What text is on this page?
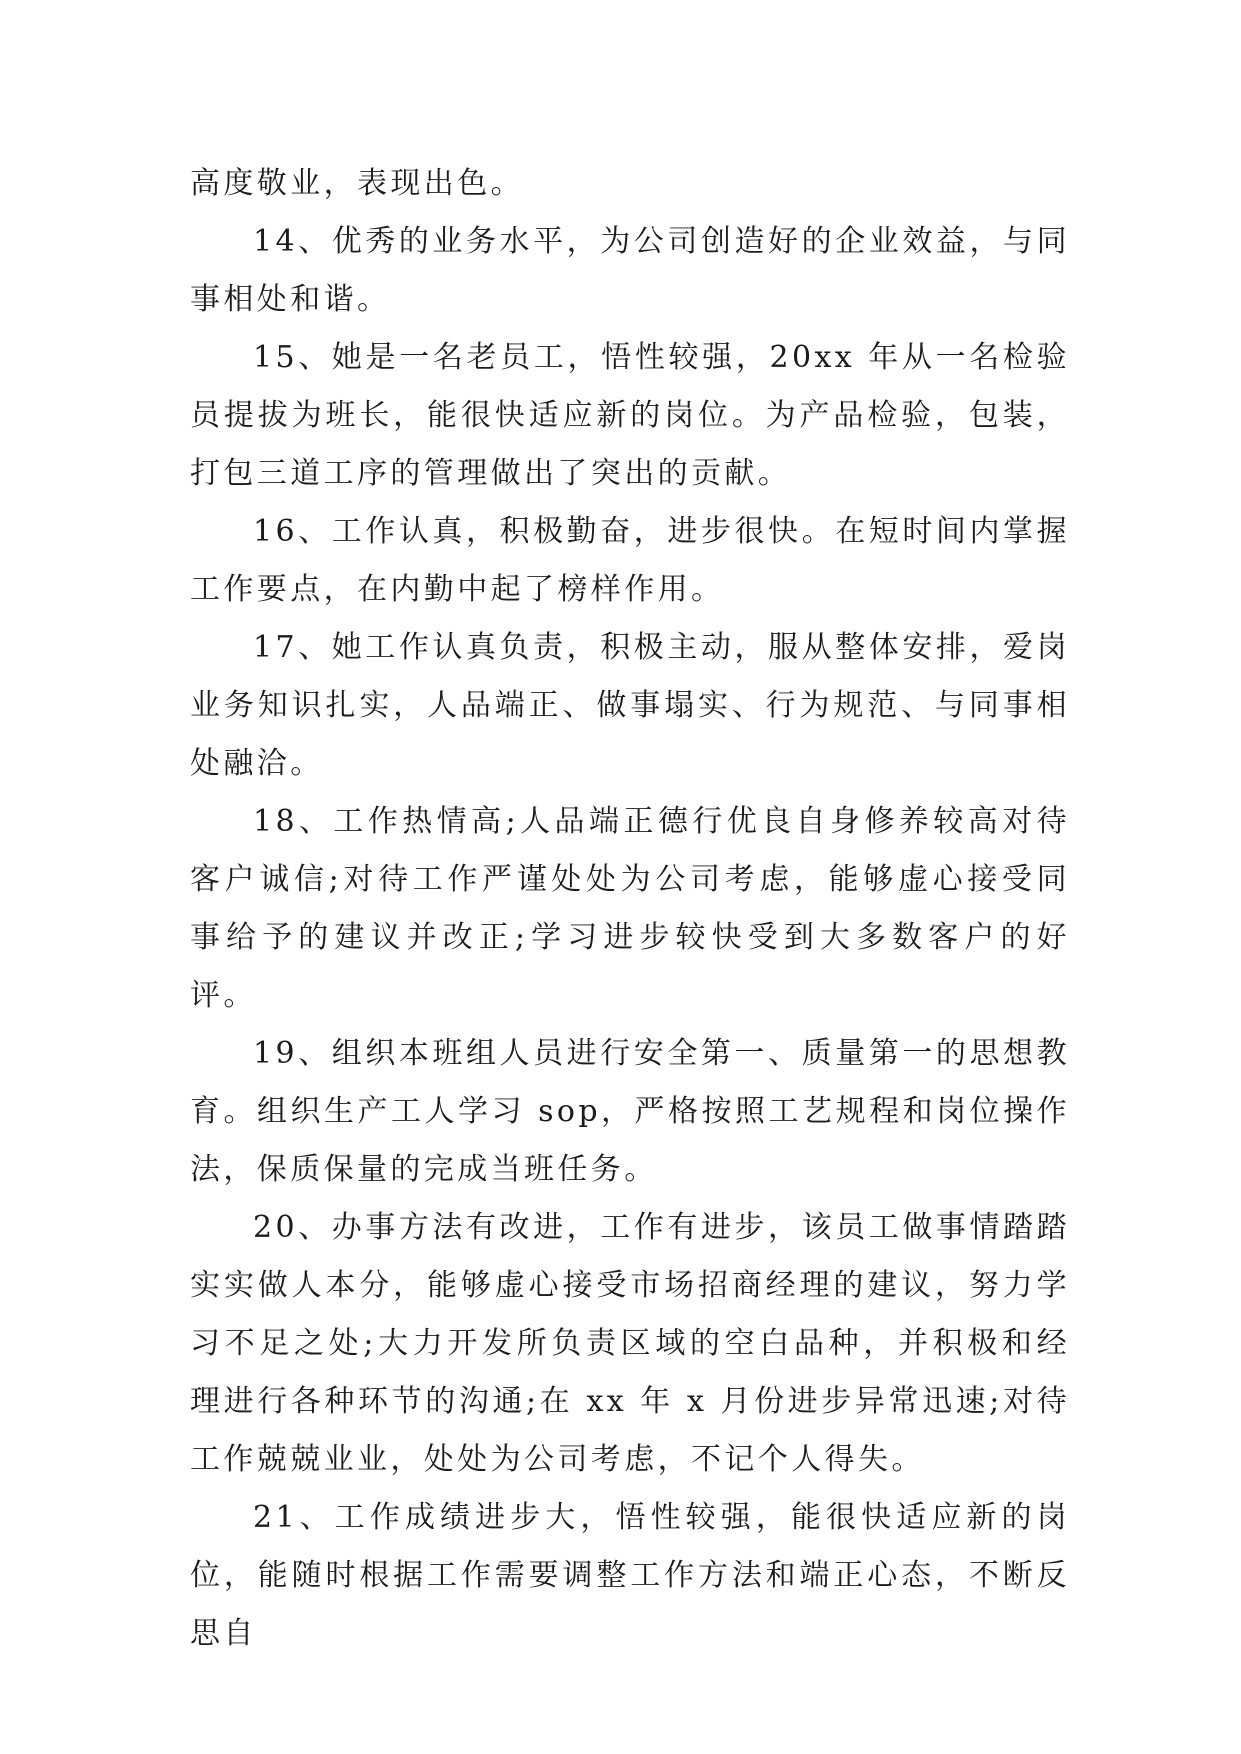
高度敬业，表现出色。

14、优秀的业务水平，为公司创造好的企业效益，与同事相处和谐。

15、她是一名老员工，悟性较强，20xx 年从一名检验员提拔为班长，能很快适应新的岗位。为产品检验，包装，打包三道工序的管理做出了突出的贡献。

16、工作认真，积极勤奋，进步很快。在短时间内掌握工作要点，在内勤中起了榜样作用。

17、她工作认真负责，积极主动，服从整体安排，爱岗业务知识扎实，人品端正、做事塌实、行为规范、与同事相处融洽。

18、工作热情高;人品端正德行优良自身修养较高对待客户诚信;对待工作严谨处处为公司考虑，能够虚心接受同事给予的建议并改正;学习进步较快受到大多数客户的好评。

19、组织本班组人员进行安全第一、质量第一的思想教育。组织生产工人学习 sop，严格按照工艺规程和岗位操作法，保质保量的完成当班任务。

20、办事方法有改进，工作有进步，该员工做事情踏踏实实做人本分，能够虚心接受市场招商经理的建议，努力学习不足之处;大力开发所负责区域的空白品种，并积极和经理进行各种环节的沟通;在 xx 年 x 月份进步异常迅速;对待工作兢兢业业，处处为公司考虑，不记个人得失。

21、工作成绩进步大，悟性较强，能很快适应新的岗位，能随时根据工作需要调整工作方法和端正心态，不断反思自
